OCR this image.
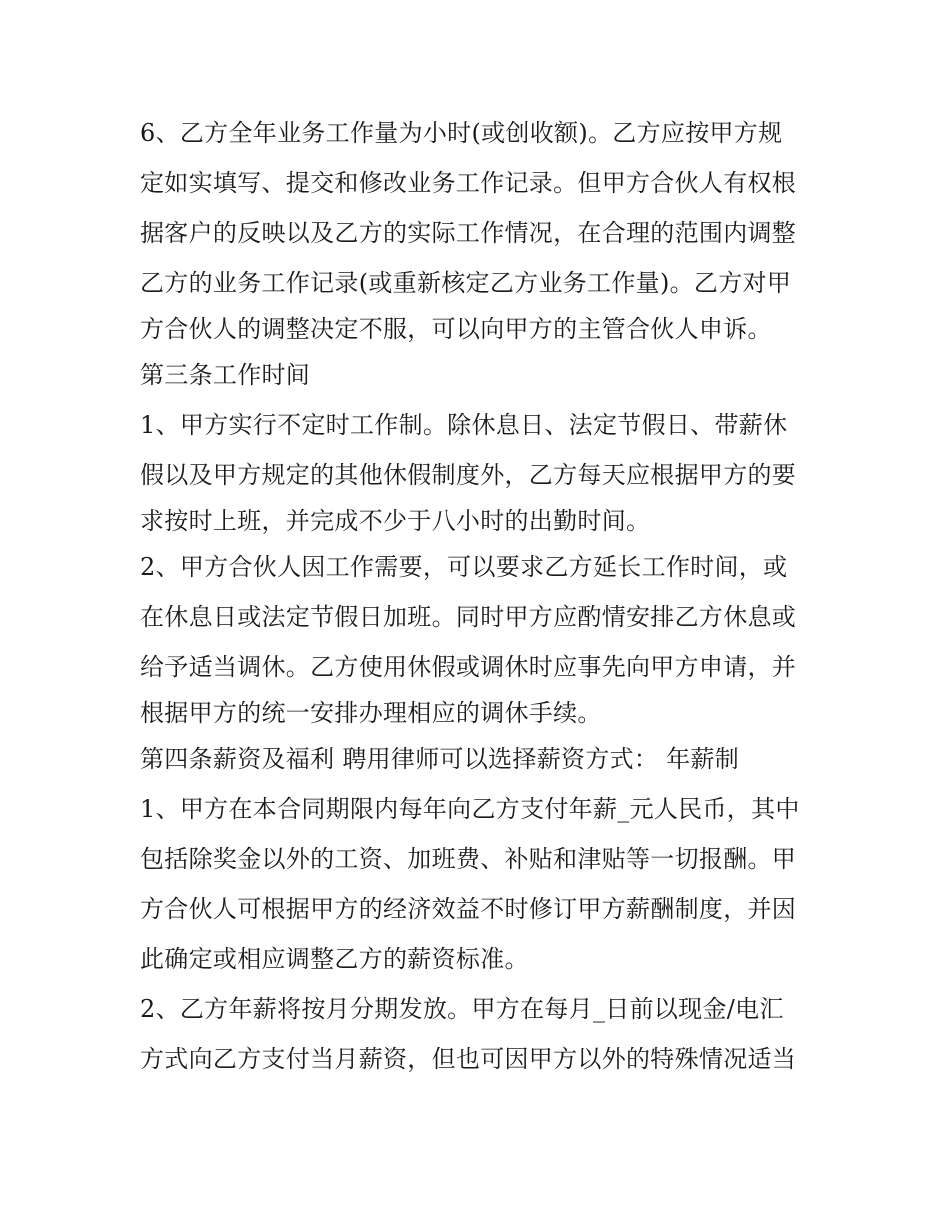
6、乙方全年业务工作量为小时(或创收额)。乙方应按甲方规
定如实填写、提交和修改业务工作记录。但甲方合伙人有权根
据客户的反映以及乙方的实际工作情况，在合理的范围内调整
乙方的业务工作记录(或重新核定乙方业务工作量)。乙方对甲
方合伙人的调整决定不服，可以向甲方的主管合伙人申诉。
第三条工作时间
1、甲方实行不定时工作制。除休息日、法定节假日、带薪休
假以及甲方规定的其他休假制度外，乙方每天应根据甲方的要
求按时上班，并完成不少于八小时的出勤时间。
2、甲方合伙人因工作需要，可以要求乙方延长工作时间，或
在休息日或法定节假日加班。同时甲方应酌情安排乙方休息或
给予适当调休。乙方使用休假或调休时应事先向甲方申请，并
根据甲方的统一安排办理相应的调休手续。
第四条薪资及福利 聘用律师可以选择薪资方式： 年薪制
1、甲方在本合同期限内每年向乙方支付年薪_元人民币，其中
包括除奖金以外的工资、加班费、补贴和津贴等一切报酬。甲
方合伙人可根据甲方的经济效益不时修订甲方薪酬制度，并因
此确定或相应调整乙方的薪资标准。
2、乙方年薪将按月分期发放。甲方在每月_日前以现金/电汇
方式向乙方支付当月薪资，但也可因甲方以外的特殊情况适当
